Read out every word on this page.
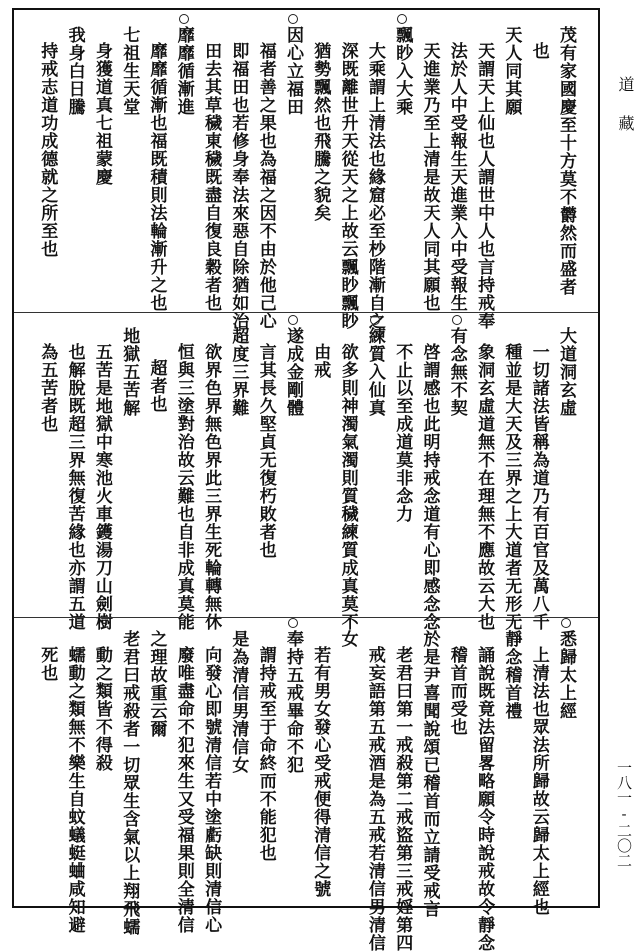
茂有家國慶至十方莫不欝然而盛者
也
天人同其願
天謂天上仙也人謂世中人也言持戒奉
法於人中受報生天進業入中受報生
天進業乃至上清是故天人同其願也
飄眇入大乘
大乘謂上清法也緣窟必至杪階漸自之
深既離世升天從天之上故云飄眇飄眇
猶勢飄然也飛騰之貌矣
因心立福田
福者善之果也為福之因不由於他己心
即福田也若修身奉法來惡自除猶如治
田去其草穢東穢既盡自復良穀者也
靡靡循漸進
靡靡循漸也福既積則法輪漸升之也
七祖生天堂
身獲道真七祖蒙慶
我身白日騰
持戒志道功成德就之所至也
大道洞玄虛
一切諸法皆稱為道乃有百官及萬八千
種並是大天及三界之上大道者无形无
象洞玄虛道無不在理無不應故云大也
有念無不契
啓謂感也此明持戒念道有心即感念念
不止以至成道莫非念力
練質入仙真
欲多則神濁氣濁則質穢練質成真莫不
由戒
遂成金剛體
言其長久堅貞无復朽敗者也
超度三界難
欲界色界無色界此三界生死輪轉無休
恒與三塗對治故云難也自非成真莫能
超者也
地獄五苦解
五苦是地獄中寒池火車鑊湯刀山劍樹
也解脫既超三界無復苦緣也亦謂五道
為五苦者也
悉歸太上經
上清法也眾法所歸故云歸太上經也
靜念稽首禮
誦說既竟法留畧略願令時說戒故令靜念
稽首而受也
於是尹喜聞說頌已稽首而立請受戒言
老君曰第一戒殺第二戒盜第三戒婬第四
戒妄語第五戒酒是為五戒若清信男清信
女
若有男女發心受戒便得清信之號
奉持五戒畢命不犯
謂持戒至于命終而不能犯也
是為清信男清信女
向發心即號清信若中塗虧缺則清信心
廢唯盡命不犯來生又受福果則全清信
之理故重云爾
老君曰戒殺者一切眾生含氣以上翔飛蠕
動之類皆不得殺
蠕動之類無不樂生自蚊蟻蜓蛐咸知避
死也
道 藏
一八一-二〇二
